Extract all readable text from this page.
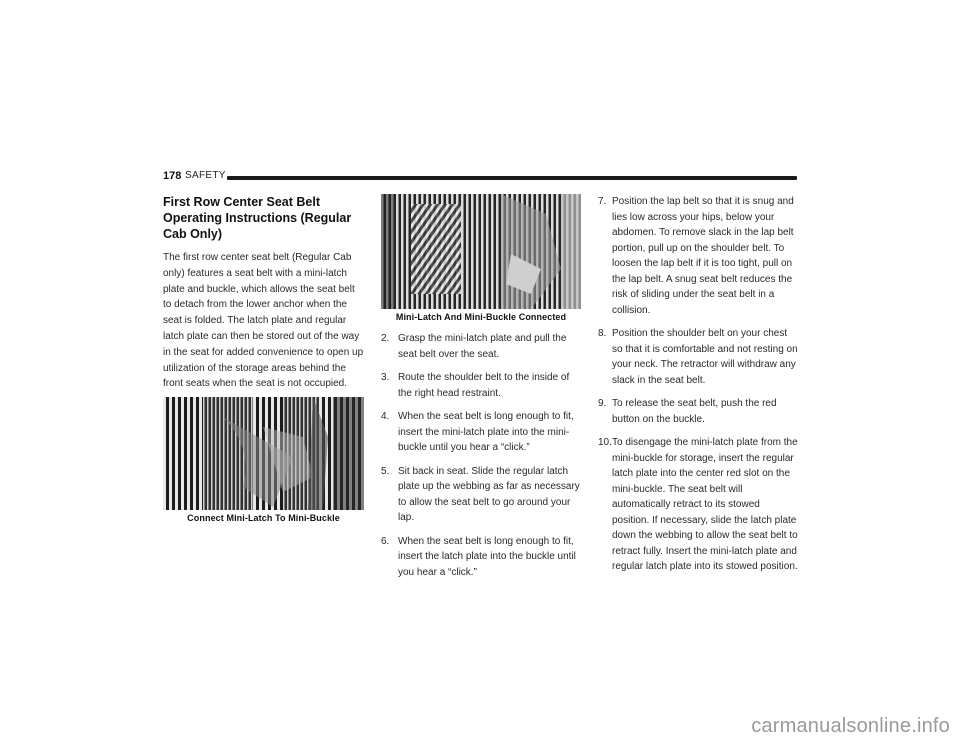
178 SAFETY
First Row Center Seat Belt Operating Instructions (Regular Cab Only)

The first row center seat belt (Regular Cab only) features a seat belt with a mini-latch plate and buckle, which allows the seat belt to detach from the lower anchor when the seat is folded. The latch plate and regular latch plate can then be stored out of the way in the seat for added convenience to open up utilization of the storage areas behind the front seats when the seat is not occupied.

Connect Mini-Latch To Mini-Buckle
Mini-Latch And Mini-Buckle Connected
2. Grasp the mini-latch plate and pull the seat belt over the seat.
3. Route the shoulder belt to the inside of the right head restraint.
4. When the seat belt is long enough to fit, insert the mini-latch plate into the mini-buckle until you hear a “click.”
5. Sit back in seat. Slide the regular latch plate up the webbing as far as necessary to allow the seat belt to go around your lap.
6. When the seat belt is long enough to fit, insert the latch plate into the buckle until you hear a “click.”
7. Position the lap belt so that it is snug and lies low across your hips, below your abdomen. To remove slack in the lap belt portion, pull up on the shoulder belt. To loosen the lap belt if it is too tight, pull on the lap belt. A snug seat belt reduces the risk of sliding under the seat belt in a collision.
8. Position the shoulder belt on your chest so that it is comfortable and not resting on your neck. The retractor will withdraw any slack in the seat belt.
9. To release the seat belt, push the red button on the buckle.
10. To disengage the mini-latch plate from the mini-buckle for storage, insert the regular latch plate into the center red slot on the mini-buckle. The seat belt will automatically retract to its stowed position. If necessary, slide the latch plate down the webbing to allow the seat belt to retract fully. Insert the mini-latch plate and regular latch plate into its stowed position.
carmanualsonline.info
